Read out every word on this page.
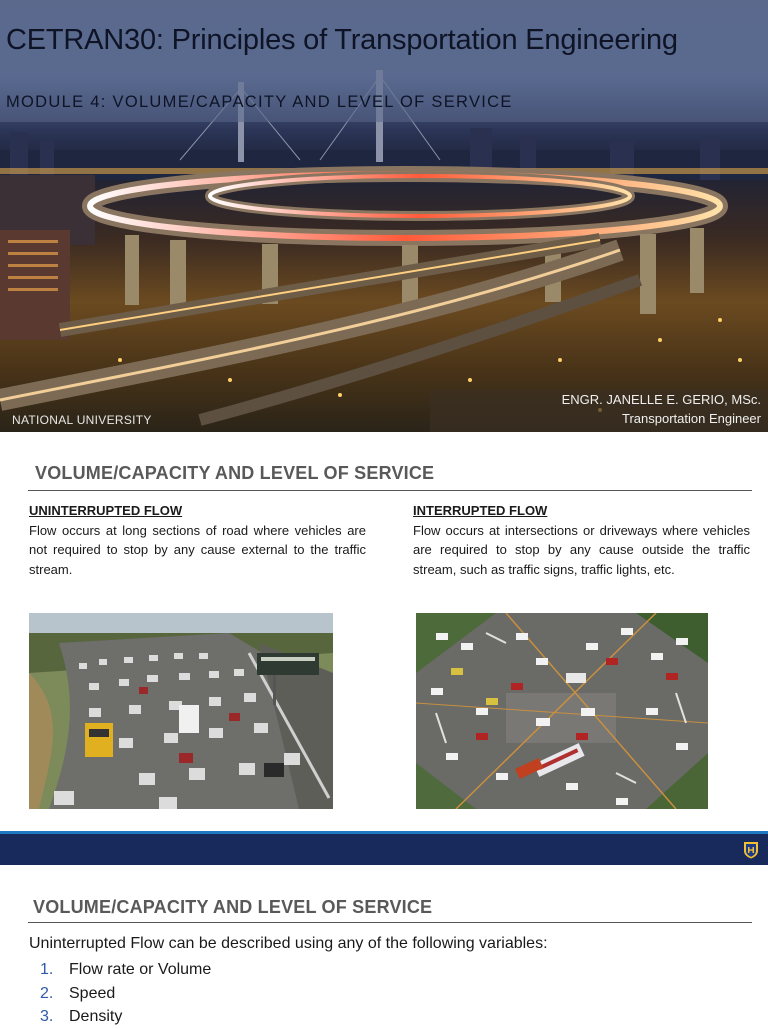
CETRAN30: Principles of Transportation Engineering
MODULE 4: VOLUME/CAPACITY AND LEVEL OF SERVICE
NATIONAL UNIVERSITY
ENGR. JANELLE E. GERIO, MSc.
Transportation Engineer
VOLUME/CAPACITY AND LEVEL OF SERVICE
UNINTERRUPTED FLOW
Flow occurs at long sections of road where vehicles are not required to stop by any cause external to the traffic stream.
INTERRUPTED FLOW
Flow occurs at intersections or driveways where vehicles are required to stop by any cause outside the traffic stream, such as traffic signs, traffic lights, etc.
VOLUME/CAPACITY AND LEVEL OF SERVICE
Uninterrupted Flow can be described using any of the following variables:
1. Flow rate or Volume
2. Speed
3. Density
